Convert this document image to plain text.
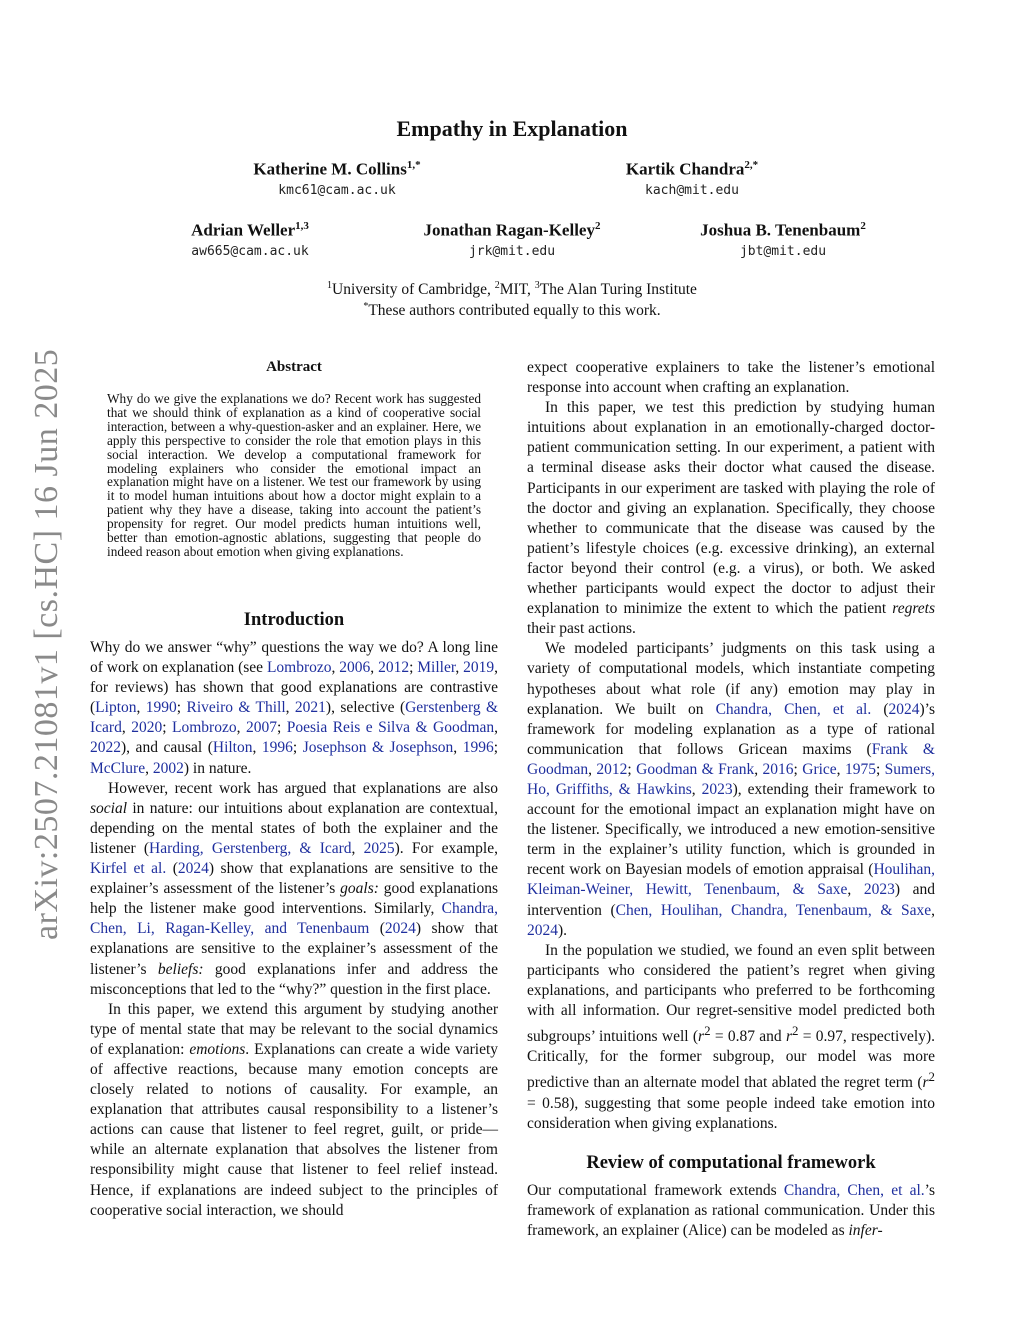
arXiv:2507.21081v1 [cs.HC] 16 Jun 2025
Empathy in Explanation
Katherine M. Collins$^{1,*}$
kmc61@cam.ac.uk
Kartik Chandra$^{2,*}$
kach@mit.edu
Adrian Weller$^{1,3}$
aw665@cam.ac.uk
Jonathan Ragan-Kelley$^2$
jrk@mit.edu
Joshua B. Tenenbaum$^2$
jbt@mit.edu
$^1$University of Cambridge, $^2$MIT, $^3$The Alan Turing Institute
*These authors contributed equally to this work.
Abstract
Why do we give the explanations we do? Recent work has suggested that we should think of explanation as a kind of cooperative social interaction, between a why-question-asker and an explainer. Here, we apply this perspective to consider the role that emotion plays in this social interaction. We develop a computational framework for modeling explainers who consider the emotional impact an explanation might have on a listener. We test our framework by using it to model human intuitions about how a doctor might explain to a patient why they have a disease, taking into account the patient’s propensity for regret. Our model predicts human intuitions well, better than emotion-agnostic ablations, suggesting that people do indeed reason about emotion when giving explanations.
Introduction

Why do we answer “why” questions the way we do? A long line of work on explanation (see Lombrozo, 2006, 2012; Miller, 2019, for reviews) has shown that good explanations are contrastive (Lipton, 1990; Riveiro & Thill, 2021), selective (Gerstenberg & Icard, 2020; Lombrozo, 2007; Poesia Reis e Silva & Goodman, 2022), and causal (Hilton, 1996; Josephson & Josephson, 1996; McClure, 2002) in nature.

However, recent work has argued that explanations are also social in nature: our intuitions about explanation are contextual, depending on the mental states of both the explainer and the listener (Harding, Gerstenberg, & Icard, 2025). For example, Kirfel et al. (2024) show that explanations are sensitive to the explainer’s assessment of the listener’s goals: good explanations help the listener make good interventions. Similarly, Chandra, Chen, Li, Ragan-Kelley, and Tenenbaum (2024) show that explanations are sensitive to the explainer’s assessment of the listener’s beliefs: good explanations infer and address the misconceptions that led to the “why?” question in the first place.

In this paper, we extend this argument by studying another type of mental state that may be relevant to the social dynamics of explanation: emotions. Explanations can create a wide variety of affective reactions, because many emotion concepts are closely related to notions of causality. For example, an explanation that attributes causal responsibility to a listener’s actions can cause that listener to feel regret, guilt, or pride—while an alternate explanation that absolves the listener from responsibility might cause that listener to feel relief instead. Hence, if explanations are indeed subject to the principles of cooperative social interaction, we should

expect cooperative explainers to take the listener’s emotional response into account when crafting an explanation.

In this paper, we test this prediction by studying human intuitions about explanation in an emotionally-charged doctor-patient communication setting. In our experiment, a patient with a terminal disease asks their doctor what caused the disease. Participants in our experiment are tasked with playing the role of the doctor and giving an explanation. Specifically, they choose whether to communicate that the disease was caused by the patient’s lifestyle choices (e.g. excessive drinking), an external factor beyond their control (e.g. a virus), or both. We asked whether participants would expect the doctor to adjust their explanation to minimize the extent to which the patient regrets their past actions.

We modeled participants’ judgments on this task using a variety of computational models, which instantiate competing hypotheses about what role (if any) emotion may play in explanation. We built on Chandra, Chen, et al. (2024)’s framework for modeling explanation as a type of rational communication that follows Gricean maxims (Frank & Goodman, 2012; Goodman & Frank, 2016; Grice, 1975; Sumers, Ho, Griffiths, & Hawkins, 2023), extending their framework to account for the emotional impact an explanation might have on the listener. Specifically, we introduced a new emotion-sensitive term in the explainer’s utility function, which is grounded in recent work on Bayesian models of emotion appraisal (Houlihan, Kleiman-Weiner, Hewitt, Tenenbaum, & Saxe, 2023) and intervention (Chen, Houlihan, Chandra, Tenenbaum, & Saxe, 2024).

In the population we studied, we found an even split between participants who considered the patient’s regret when giving explanations, and participants who preferred to be forthcoming with all information. Our regret-sensitive model predicted both subgroups’ intuitions well ($r^2 = 0.87$ and $r^2 = 0.97$, respectively). Critically, for the former subgroup, our model was more predictive than an alternate model that ablated the regret term $(r^2 = 0.58)$, suggesting that some people indeed take emotion into consideration when giving explanations.

Review of computational framework

Our computational framework extends Chandra, Chen, et al.’s framework of explanation as rational communication. Under this framework, an explainer (Alice) can be modeled as infer-
